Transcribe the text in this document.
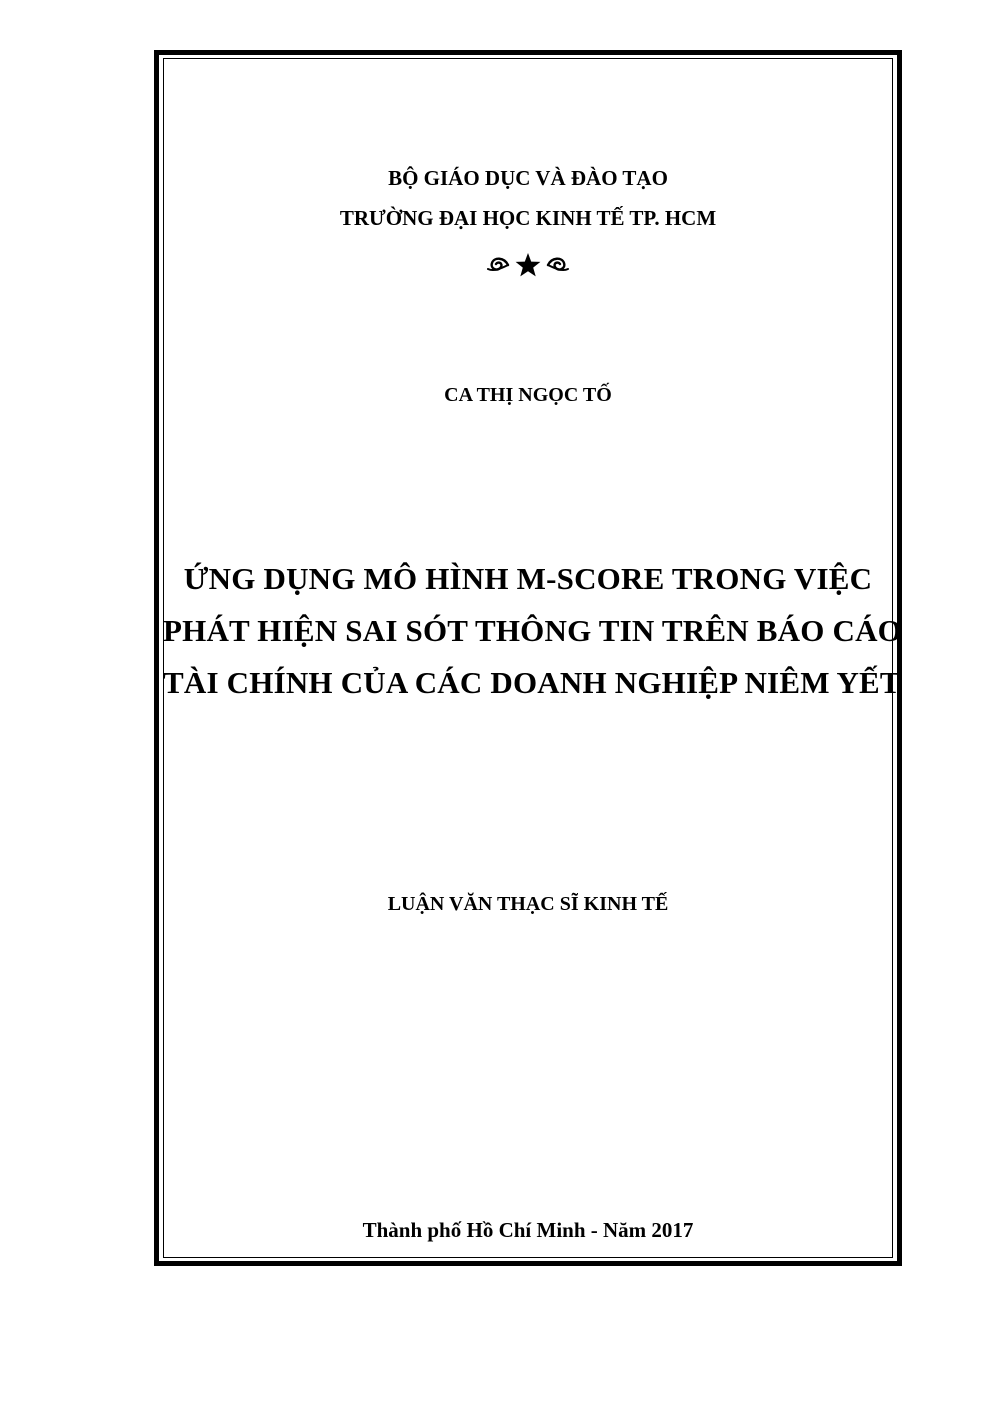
BỘ GIÁO DỤC VÀ ĐÀO TẠO
TRƯỜNG ĐẠI HỌC KINH TẾ TP. HCM
CA THỊ NGỌC TỐ
ỨNG DỤNG MÔ HÌNH M-SCORE TRONG VIỆC
PHÁT HIỆN SAI SÓT THÔNG TIN TRÊN BÁO CÁO
TÀI CHÍNH CỦA CÁC DOANH NGHIỆP NIÊM YẾT
LUẬN VĂN THẠC SĨ KINH TẾ
Thành phố Hồ Chí Minh - Năm 2017
